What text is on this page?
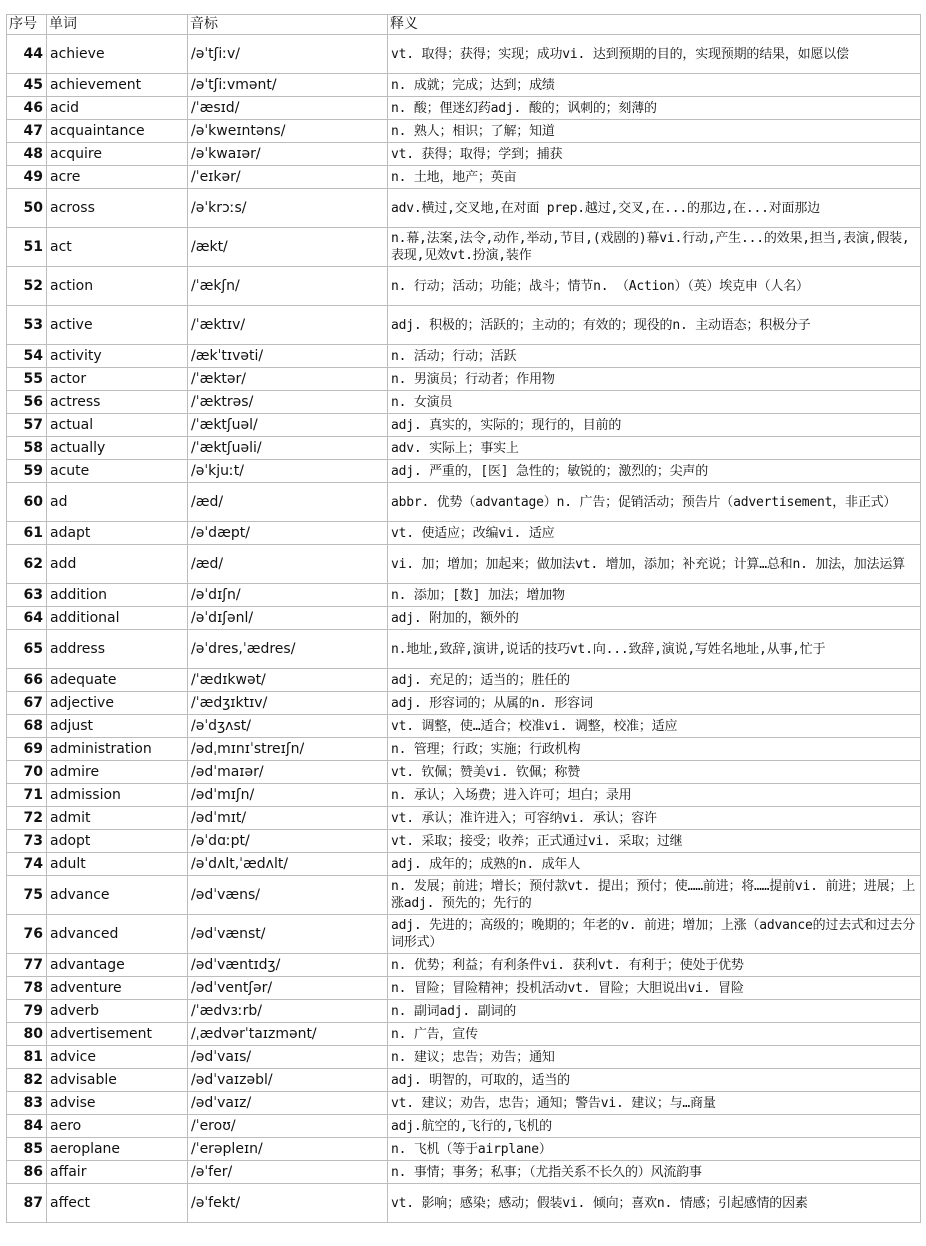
序号	单词	音标	释义
44	achieve	/əˈtʃiːv/	vt. 取得；获得；实现；成功vi. 达到预期的目的，实现预期的结果，如愿以偿
45	achievement	/əˈtʃiːvmənt/	n. 成就；完成；达到；成绩
46	acid	/ˈæsɪd/	n. 酸；俚迷幻药adj. 酸的；讽刺的；刻薄的
47	acquaintance	/əˈkweɪntəns/	n. 熟人；相识；了解；知道
48	acquire	/əˈkwaɪər/	vt. 获得；取得；学到；捕获
49	acre	/ˈeɪkər/	n. 土地，地产；英亩
50	across	/əˈkrɔːs/	adv.横过,交叉地,在对面 prep.越过,交叉,在...的那边,在...对面那边
51	act	/ækt/	n.幕,法案,法令,动作,举动,节目,(戏剧的)幕vi.行动,产生...的效果,担当,表演,假装,表现,见效vt.扮演,装作
52	action	/ˈækʃn/	n. 行动；活动；功能；战斗；情节n. （Action）（英）埃克申（人名）
53	active	/ˈæktɪv/	adj. 积极的；活跃的；主动的；有效的；现役的n. 主动语态；积极分子
54	activity	/ækˈtɪvəti/	n. 活动；行动；活跃
55	actor	/ˈæktər/	n. 男演员；行动者；作用物
56	actress	/ˈæktrəs/	n. 女演员
57	actual	/ˈæktʃuəl/	adj. 真实的，实际的；现行的，目前的
58	actually	/ˈæktʃuəli/	adv. 实际上；事实上
59	acute	/əˈkjuːt/	adj. 严重的，[医] 急性的；敏锐的；激烈的；尖声的
60	ad	/æd/	abbr. 优势（advantage）n. 广告；促销活动；预告片（advertisement，非正式）
61	adapt	/əˈdæpt/	vt. 使适应；改编vi. 适应
62	add	/æd/	vi. 加；增加；加起来；做加法vt. 增加，添加；补充说；计算…总和n. 加法，加法运算
63	addition	/əˈdɪʃn/	n. 添加；[数] 加法；增加物
64	additional	/əˈdɪʃənl/	adj. 附加的，额外的
65	address	/əˈdres,ˈædres/	n.地址,致辞,演讲,说话的技巧vt.向...致辞,演说,写姓名地址,从事,忙于
66	adequate	/ˈædɪkwət/	adj. 充足的；适当的；胜任的
67	adjective	/ˈædʒɪktɪv/	adj. 形容词的；从属的n. 形容词
68	adjust	/əˈdʒʌst/	vt. 调整，使…适合；校准vi. 调整，校准；适应
69	administration	/ədˌmɪnɪˈstreɪʃn/	n. 管理；行政；实施；行政机构
70	admire	/ədˈmaɪər/	vt. 钦佩；赞美vi. 钦佩；称赞
71	admission	/ədˈmɪʃn/	n. 承认；入场费；进入许可；坦白；录用
72	admit	/ədˈmɪt/	vt. 承认；准许进入；可容纳vi. 承认；容许
73	adopt	/əˈdɑːpt/	vt. 采取；接受；收养；正式通过vi. 采取；过继
74	adult	/əˈdʌlt,ˈædʌlt/	adj. 成年的；成熟的n. 成年人
75	advance	/ədˈvæns/	n. 发展；前进；增长；预付款vt. 提出；预付；使……前进；将……提前vi. 前进；进展；上涨adj. 预先的；先行的
76	advanced	/ədˈvænst/	adj. 先进的；高级的；晚期的；年老的v. 前进；增加；上涨（advance的过去式和过去分词形式）
77	advantage	/ədˈvæntɪdʒ/	n. 优势；利益；有利条件vi. 获利vt. 有利于；使处于优势
78	adventure	/ədˈventʃər/	n. 冒险；冒险精神；投机活动vt. 冒险；大胆说出vi. 冒险
79	adverb	/ˈædvɜːrb/	n. 副词adj. 副词的
80	advertisement	/ˌædvərˈtaɪzmənt/	n. 广告，宣传
81	advice	/ədˈvaɪs/	n. 建议；忠告；劝告；通知
82	advisable	/ədˈvaɪzəbl/	adj. 明智的，可取的，适当的
83	advise	/ədˈvaɪz/	vt. 建议；劝告，忠告；通知；警告vi. 建议；与…商量
84	aero	/ˈeroʊ/	adj.航空的,飞行的,飞机的
85	aeroplane	/ˈerəpleɪn/	n. 飞机（等于airplane）
86	affair	/əˈfer/	n. 事情；事务；私事；（尤指关系不长久的）风流韵事
87	affect	/əˈfekt/	vt. 影响；感染；感动；假装vi. 倾向；喜欢n. 情感；引起感情的因素
